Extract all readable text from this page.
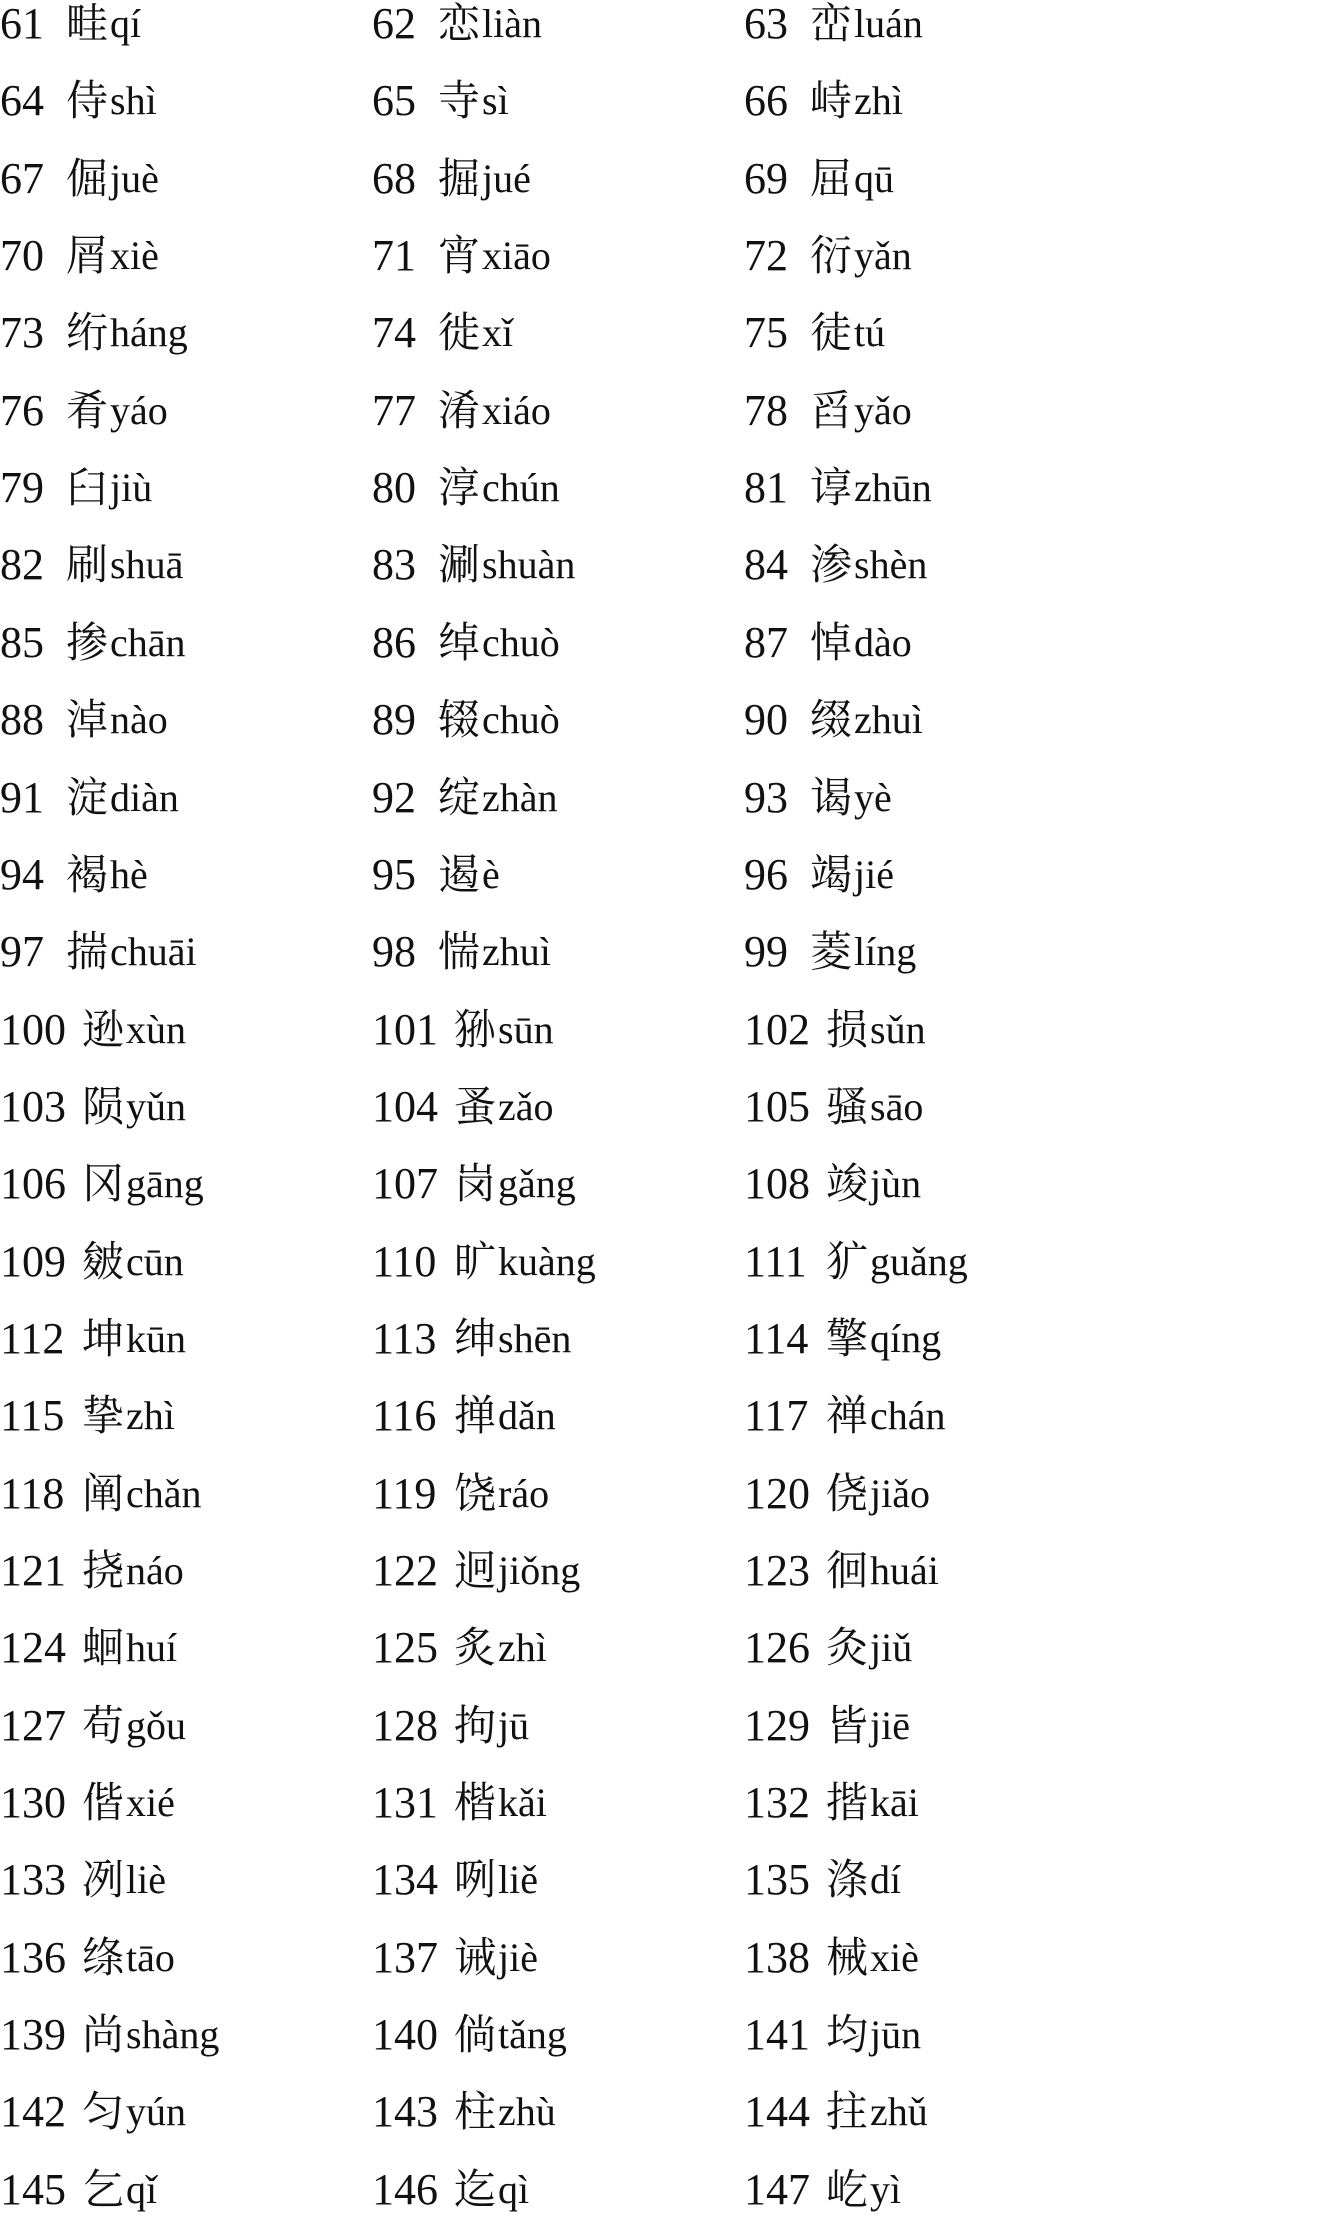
61 畦 qí	62 恋 liàn	63 峦 luán
64 侍 shì	65 寺 sì	66 峙 zhì
67 倔 juè	68 掘 jué	69 屈 qū
70 屑 xiè	71 宵 xiāo	72 衍 yǎn
73 绗 háng	74 徙 xǐ	75 徒 tú
76 肴 yáo	77 淆 xiáo	78 舀 yǎo
79 臼 jiù	80 淳 chún	81 谆 zhūn
82 刷 shuā	83 涮 shuàn	84 渗 shèn
85 掺 chān	86 绰 chuò	87 悼 dào
88 淖 nào	89 辍 chuò	90 缀 zhuì
91 淀 diàn	92 绽 zhàn	93 谒 yè
94 褐 hè	95 遏 è	96 竭 jié
97 揣 chuāi	98 惴 zhuì	99 菱 líng
100 逊 xùn	101 狲 sūn	102 损 sǔn
103 陨 yǔn	104 蚤 zǎo	105 骚 sāo
106 冈 gāng	107 岗 gǎng	108 竣 jùn
109 皴 cūn	110 旷 kuàng	111 犷 guǎng
112 坤 kūn	113 绅 shēn	114 擎 qíng
115 挚 zhì	116 掸 dǎn	117 禅 chán
118 阐 chǎn	119 饶 ráo	120 侥 jiǎo
121 挠 náo	122 迥 jiǒng	123 徊 huái
124 蛔 huí	125 炙 zhì	126 灸 jiǔ
127 苟 gǒu	128 拘 jū	129 皆 jiē
130 偕 xié	131 楷 kǎi	132 揩 kāi
133 冽 liè	134 咧 liě	135 涤 dí
136 绦 tāo	137 诫 jiè	138 械 xiè
139 尚 shàng	140 倘 tǎng	141 均 jūn
142 匀 yún	143 柱 zhù	144 拄 zhǔ
145 乞 qǐ	146 迄 qì	147 屹 yì
